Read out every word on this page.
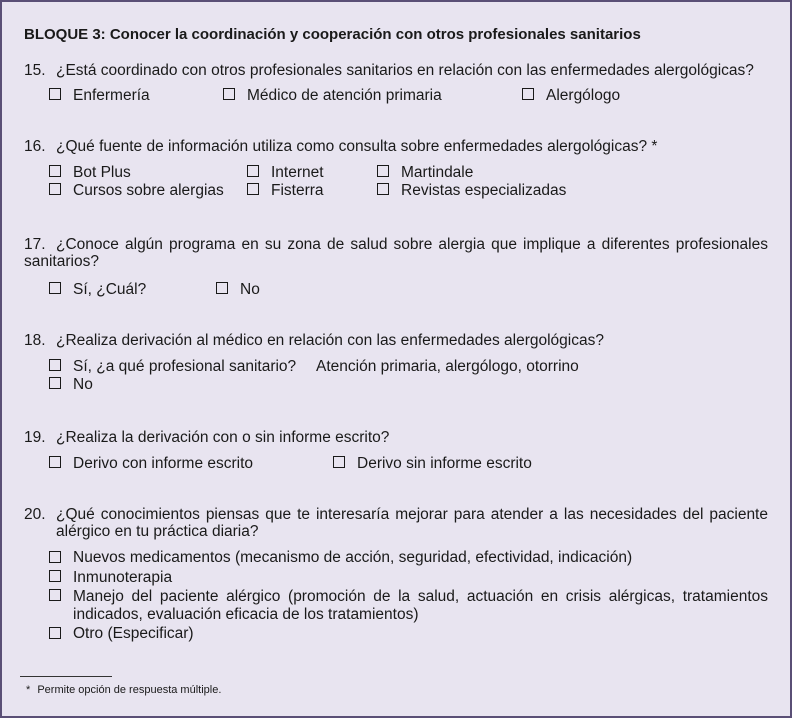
BLOQUE 3: Conocer la coordinación y cooperación con otros profesionales sanitarios
15. ¿Está coordinado con otros profesionales sanitarios en relación con las enfermedades alergológicas?
Enfermería	Médico de atención primaria	Alergólogo
16. ¿Qué fuente de información utiliza como consulta sobre enfermedades alergológicas? *
Bot Plus	Internet	Martindale
Cursos sobre alergias	Fisterra	Revistas especializadas
17. ¿Conoce algún programa en su zona de salud sobre alergia que implique a diferentes profesionales
sanitarios?
Sí, ¿Cuál?	No
18. ¿Realiza derivación al médico en relación con las enfermedades alergológicas?
Sí, ¿a qué profesional sanitario? Atención primaria, alergólogo, otorrino
No
19. ¿Realiza la derivación con o sin informe escrito?
Derivo con informe escrito	Derivo sin informe escrito
20. ¿Qué conocimientos piensas que te interesaría mejorar para atender a las necesidades del paciente
alérgico en tu práctica diaria?
Nuevos medicamentos (mecanismo de acción, seguridad, efectividad, indicación)
Inmunoterapia
Manejo del paciente alérgico (promoción de la salud, actuación en crisis alérgicas, tratamientos
indicados, evaluación eficacia de los tratamientos)
Otro (Especificar)
* Permite opción de respuesta múltiple.
